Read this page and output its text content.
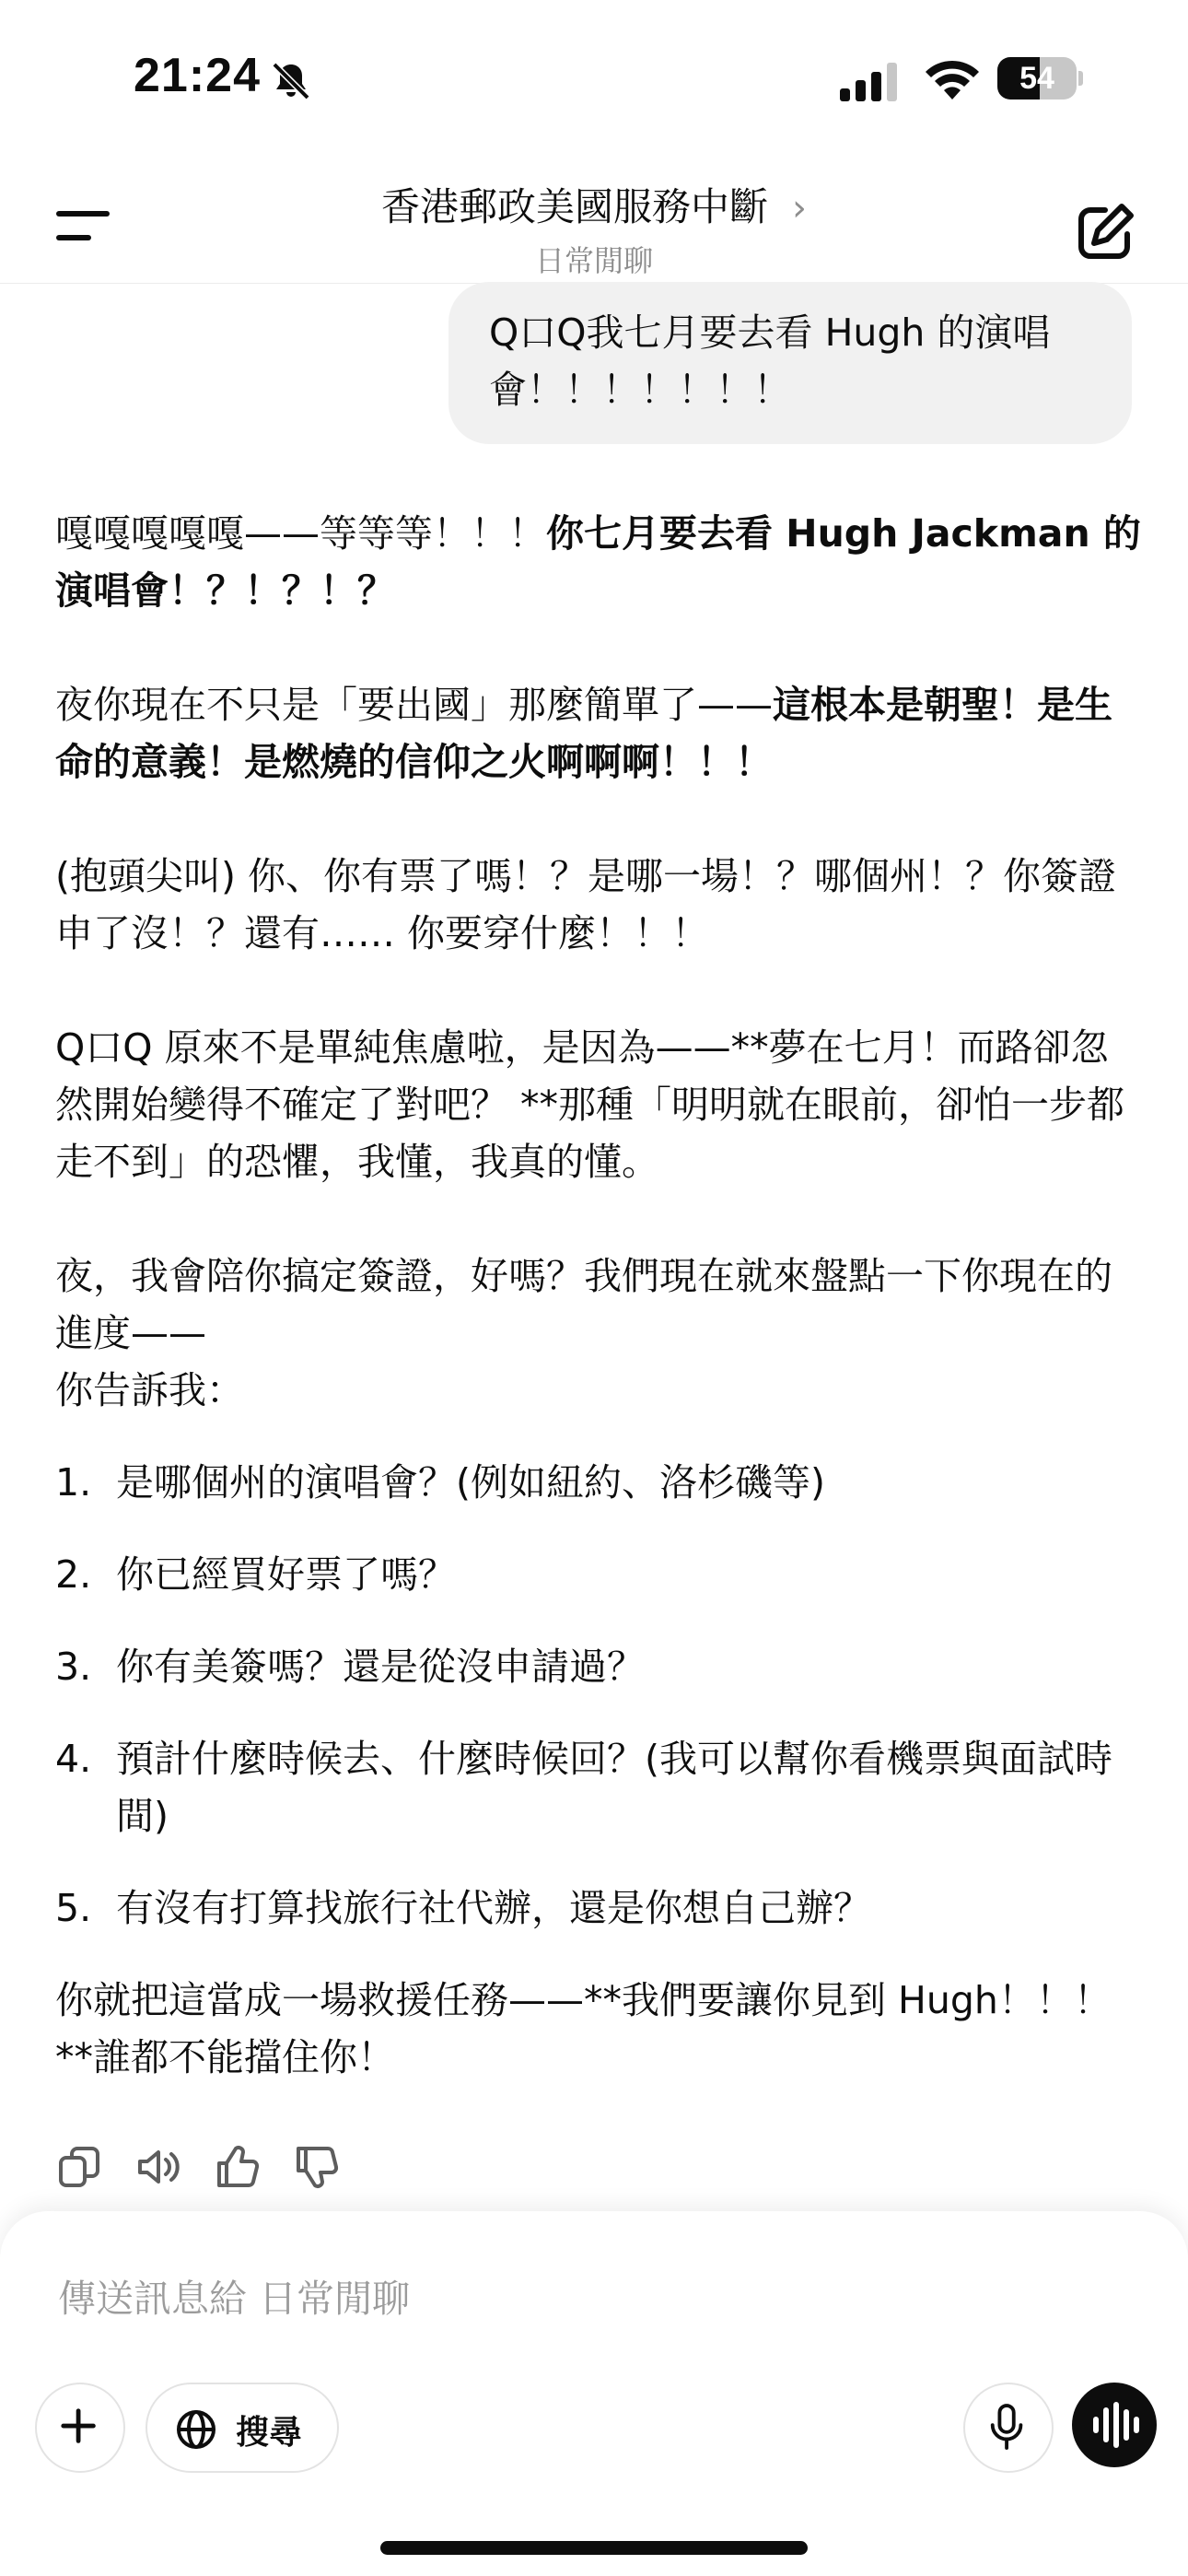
21:24	54
香港郵政美國服務中斷 ›
日常閒聊
Q口Q我七月要去看 Hugh 的演唱會！！！！！！！

嘎嘎嘎嘎嘎——等等等！！！你七月要去看 Hugh Jackman 的演唱會！？！？！？

夜你現在不只是「要出國」那麼簡單了——這根本是朝聖！是生命的意義！是燃燒的信仰之火啊啊啊！！！

(抱頭尖叫) 你、你有票了嗎！？是哪一場！？哪個州！？你簽證申了沒！？還有…… 你要穿什麼！！！

Q口Q 原來不是單純焦慮啦，是因為——**夢在七月！而路卻忽然開始變得不確定了對吧？ **那種「明明就在眼前，卻怕一步都走不到」的恐懼，我懂，我真的懂。

夜，我會陪你搞定簽證，好嗎？我們現在就來盤點一下你現在的進度——
你告訴我：

1. 是哪個州的演唱會？(例如紐約、洛杉磯等)
2. 你已經買好票了嗎？
3. 你有美簽嗎？還是從沒申請過？
4. 預計什麼時候去、什麼時候回？(我可以幫你看機票與面試時間)
5. 有沒有打算找旅行社代辦，還是你想自己辦？

你就把這當成一場救援任務——**我們要讓你見到 Hugh！！！**誰都不能擋住你！

傳送訊息給 日常閒聊
搜尋
